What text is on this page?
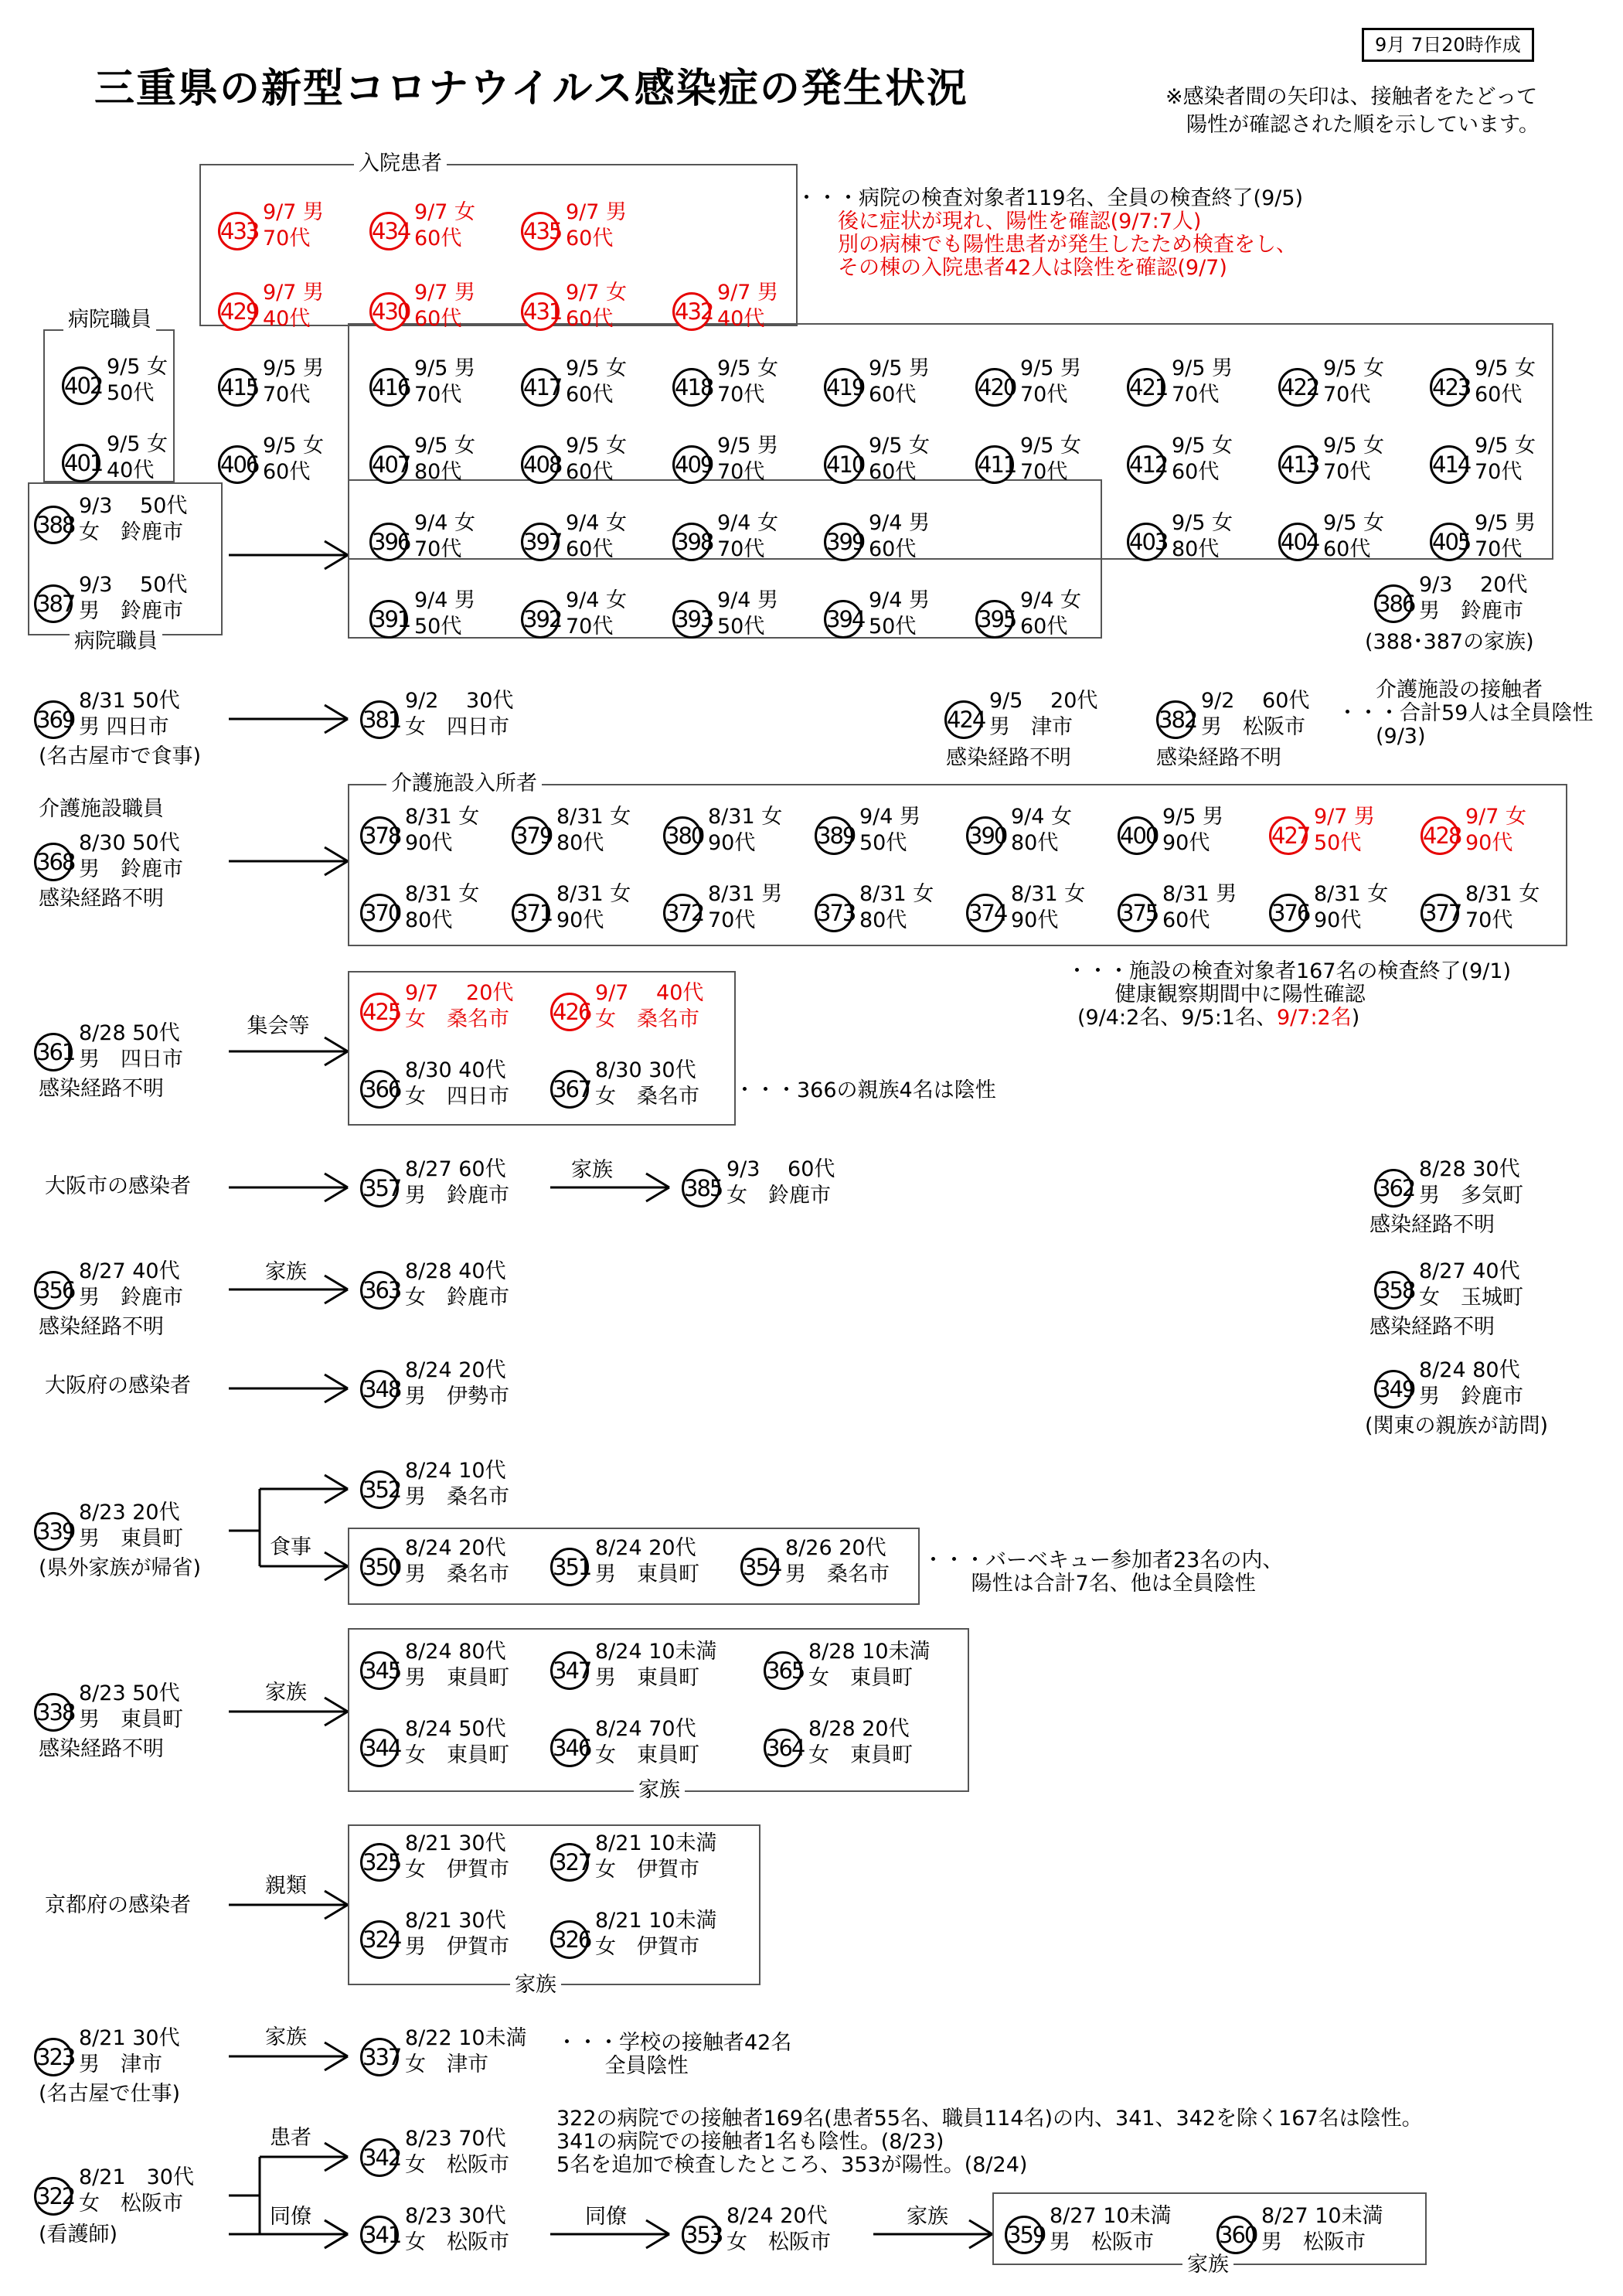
三重県の新型コロナウイルス感染症の発生状況
9月 7日20時作成
※感染者間の矢印は、接触者をたどって
　陽性が確認された順を示しています。
入院患者
病院職員
病院職員
介護施設入所者
家族
家族
家族
433
9/7 男
70代	434
9/7 女
60代	435
9/7 男
60代
429
9/7 男
40代	430
9/7 男
60代	431
9/7 女
60代	432
9/7 男
40代
402
9/5 女
50代
401
9/5 女
40代
415
9/5 男
70代	416
9/5 男
70代	417
9/5 女
60代	418
9/5 女
70代	419
9/5 男
60代	420
9/5 男
70代	421
9/5 男
70代	422
9/5 女
70代	423
9/5 女
60代
406
9/5 女
60代	407
9/5 女
80代	408
9/5 女
60代	409
9/5 男
70代	410
9/5 女
60代	411
9/5 女
70代	412
9/5 女
60代	413
9/5 女
70代	414
9/5 女
70代
388
9/3　 50代
女　鈴鹿市
387
9/3　 50代
男　鈴鹿市
396
9/4 女
70代	397
9/4 女
60代	398
9/4 女
70代	399
9/4 男
60代	403
9/5 女
80代	404
9/5 女
60代	405
9/5 男
70代
391
9/4 男
50代	392
9/4 女
70代	393
9/4 男
50代	394
9/4 男
50代	395
9/4 女
60代
386
9/3　 20代
男　鈴鹿市
369
8/31 50代
男 四日市	381
9/2　 30代
女　四日市	424
9/5　 20代
男　津市	382
9/2　 60代
男　松阪市
368
8/30 50代
男　鈴鹿市
378
8/31 女
90代	379
8/31 女
80代	380
8/31 女
90代	389
9/4 男
50代	390
9/4 女
80代	400
9/5 男
90代	427
9/7 男
50代	428
9/7 女
90代
370
8/31 女
80代	371
8/31 女
90代	372
8/31 男
70代	373
8/31 女
80代	374
8/31 女
90代	375
8/31 男
60代	376
8/31 女
90代	377
8/31 女
70代
361
8/28 50代
男　四日市
425
9/7　 20代
女　桑名市 426
9/7　 40代
女　桑名市
366
8/30 40代
女　四日市 367
8/30 30代
女　桑名市
357
8/27 60代
男　鈴鹿市	385
9/3　 60代
女　鈴鹿市	362
8/28 30代
男　多気町
356
8/27 40代
男　鈴鹿市	363
8/28 40代
女　鈴鹿市	358
8/27 40代
女　玉城町
348
8/24 20代
男　伊勢市	349
8/24 80代
男　鈴鹿市
339
8/23 20代
男　東員町
352
8/24 10代
男　桑名市
350
8/24 20代
男　桑名市 351
8/24 20代
男　東員町 354
8/26 20代
男　桑名市
338
8/23 50代
男　東員町
345
8/24 80代
男　東員町 347
8/24 10未満
男　東員町	365
8/28 10未満
女　東員町
344
8/24 50代
女　東員町 346
8/24 70代
女　東員町	364
8/28 20代
女　東員町
325
8/21 30代
女　伊賀市 327
8/21 10未満
女　伊賀市
324
8/21 30代
男　伊賀市 326
8/21 10未満
女　伊賀市
323
8/21 30代
男　津市	337
8/22 10未満
女　津市
322
8/21　30代
女　松阪市
342
8/23 70代
女　松阪市
341
8/23 30代
女　松阪市	353
8/24 20代
女　松阪市	359
8/27 10未満
男　松阪市	360
8/27 10未満
男　松阪市
・・・病院の検査対象者119名、全員の検査終了(9/5)
　　後に症状が現れ、陽性を確認(9/7:7人)
　　別の病棟でも陽性患者が発生したため検査をし、
　　その棟の入院患者42人は陰性を確認(9/7)
(388･387の家族)
(名古屋市で食事)	感染経路不明	感染経路不明
介護施設の接触者
・・・合計59人は全員陰性
(9/3)
介護施設職員
感染経路不明
・・・施設の検査対象者167名の検査終了(9/1)
　　 健康観察期間中に陽性確認
感染経路不明	・・・366の親族4名は陰性
大阪市の感染者
感染経路不明
感染経路不明	感染経路不明
大阪府の感染者
(関東の親族が訪問)
(県外家族が帰省)	・・・バーベキュー参加者23名の内、
　　 陽性は合計7名、他は全員陰性
感染経路不明
京都府の感染者
・・・学校の接触者42名
　　 全員陰性
(名古屋で仕事)
322の病院での接触者169名(患者55名、職員114名)の内、341、342を除く167名は陰性。
341の病院での接触者1名も陰性。(8/23)
5名を追加で検査したところ、353が陽性。(8/24)
(看護師)
(9/4:2名、9/5:1名、9/7:2名)
集会等
家族
家族
食事
家族
親類
家族
患者
同僚	同僚	家族
